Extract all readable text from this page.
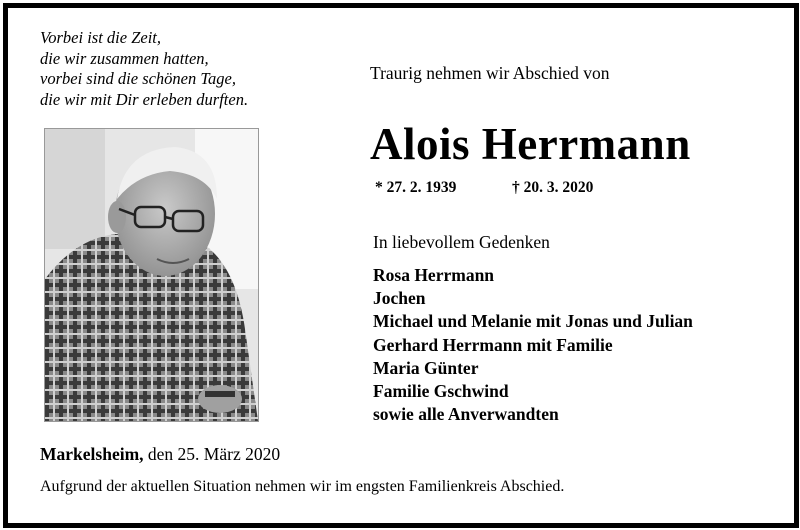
Vorbei ist die Zeit,
die wir zusammen hatten,
vorbei sind die schönen Tage,
die wir mit Dir erleben durften.
Traurig nehmen wir Abschied von
Alois Herrmann
* 27. 2. 1939	† 20. 3. 2020
In liebevollem Gedenken
Rosa Herrmann
Jochen
Michael und Melanie mit Jonas und Julian
Gerhard Herrmann mit Familie
Maria Günter
Familie Gschwind
sowie alle Anverwandten
Markelsheim, den 25. März 2020
Aufgrund der aktuellen Situation nehmen wir im engsten Familienkreis Abschied.
